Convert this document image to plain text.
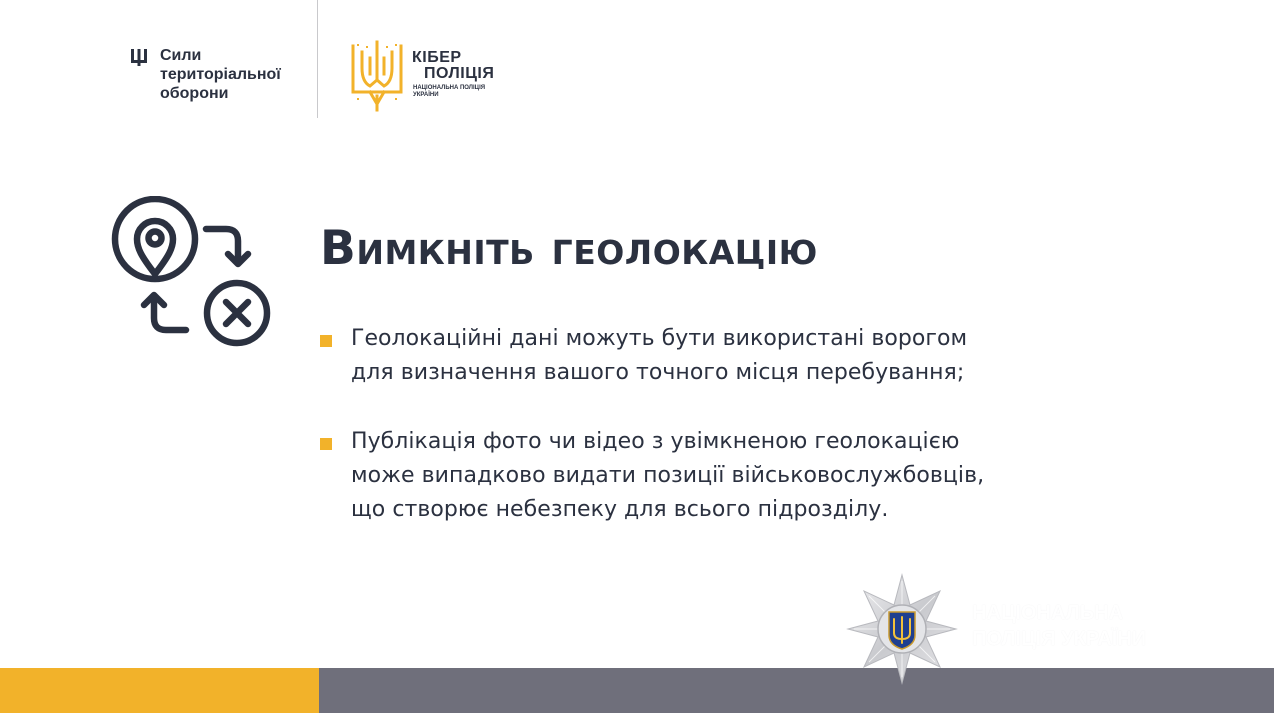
Сили
територіальної
оборони
КІБЕР
ПОЛІЦІЯ
НАЦІОНАЛЬНА ПОЛІЦІЯ
УКРАЇНИ
Вимкніть геолокацію
Геолокаційні дані можуть бути використані ворогом
для визначення вашого точного місця перебування;
Публікація фото чи відео з увімкненою геолокацією
може випадково видати позиції військовослужбовців,
що створює небезпеку для всього підрозділу.
НАЦІОНАЛЬНА
ПОЛІЦІЯ УКРАЇНИ
